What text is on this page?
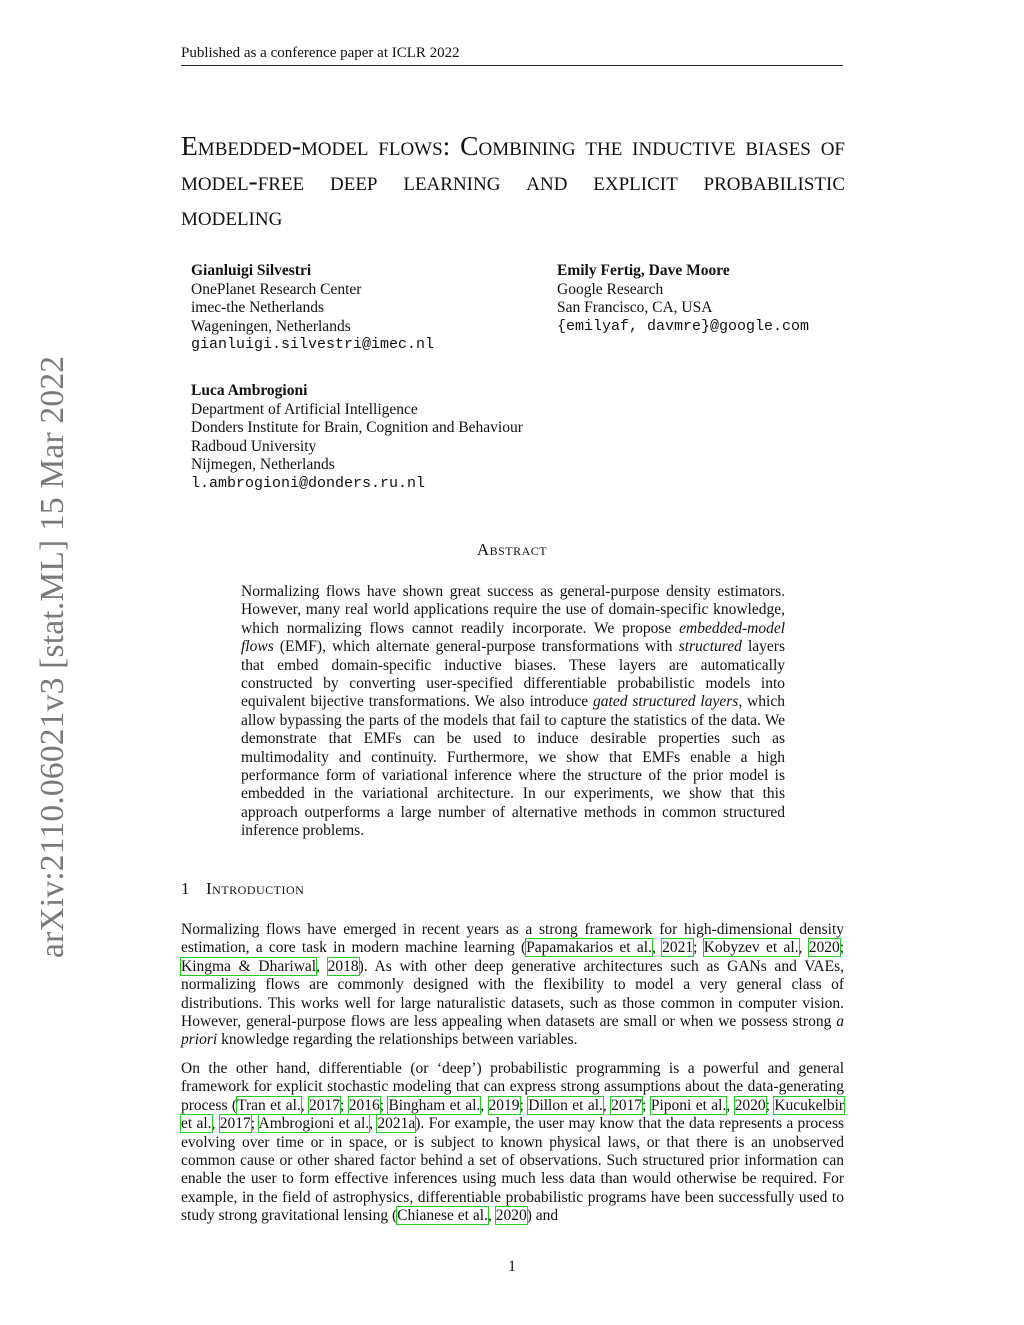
Published as a conference paper at ICLR 2022
arXiv:2110.06021v3 [stat.ML] 15 Mar 2022
Embedded-model flows: Combining the inductive biases of model-free deep learning and explicit probabilistic modeling
Gianluigi Silvestri
OnePlanet Research Center
imec-the Netherlands
Wageningen, Netherlands
gianluigi.silvestri@imec.nl
Emily Fertig, Dave Moore
Google Research
San Francisco, CA, USA
{emilyaf, davmre}@google.com
Luca Ambrogioni
Department of Artificial Intelligence
Donders Institute for Brain, Cognition and Behaviour
Radboud University
Nijmegen, Netherlands
l.ambrogioni@donders.ru.nl
Abstract

Normalizing flows have shown great success as general-purpose density estimators. However, many real world applications require the use of domain-specific knowledge, which normalizing flows cannot readily incorporate. We propose embedded-model flows (EMF), which alternate general-purpose transformations with structured layers that embed domain-specific inductive biases. These layers are automatically constructed by converting user-specified differentiable probabilistic models into equivalent bijective transformations. We also introduce gated structured layers, which allow bypassing the parts of the models that fail to capture the statistics of the data. We demonstrate that EMFs can be used to induce desirable properties such as multimodality and continuity. Furthermore, we show that EMFs enable a high performance form of variational inference where the structure of the prior model is embedded in the variational architecture. In our experiments, we show that this approach outperforms a large number of alternative methods in common structured inference problems.

1 Introduction

Normalizing flows have emerged in recent years as a strong framework for high-dimensional density estimation, a core task in modern machine learning (Papamakarios et al., 2021; Kobyzev et al., 2020; Kingma & Dhariwal, 2018). As with other deep generative architectures such as GANs and VAEs, normalizing flows are commonly designed with the flexibility to model a very general class of distributions. This works well for large naturalistic datasets, such as those common in computer vision. However, general-purpose flows are less appealing when datasets are small or when we possess strong a priori knowledge regarding the relationships between variables.

On the other hand, differentiable (or ‘deep’) probabilistic programming is a powerful and general framework for explicit stochastic modeling that can express strong assumptions about the data-generating process (Tran et al., 2017; 2016; Bingham et al., 2019; Dillon et al., 2017; Piponi et al., 2020; Kucukelbir et al., 2017; Ambrogioni et al., 2021a). For example, the user may know that the data represents a process evolving over time or in space, or is subject to known physical laws, or that there is an unobserved common cause or other shared factor behind a set of observations. Such structured prior information can enable the user to form effective inferences using much less data than would otherwise be required. For example, in the field of astrophysics, differentiable probabilistic programs have been successfully used to study strong gravitational lensing (Chianese et al., 2020) and

1
